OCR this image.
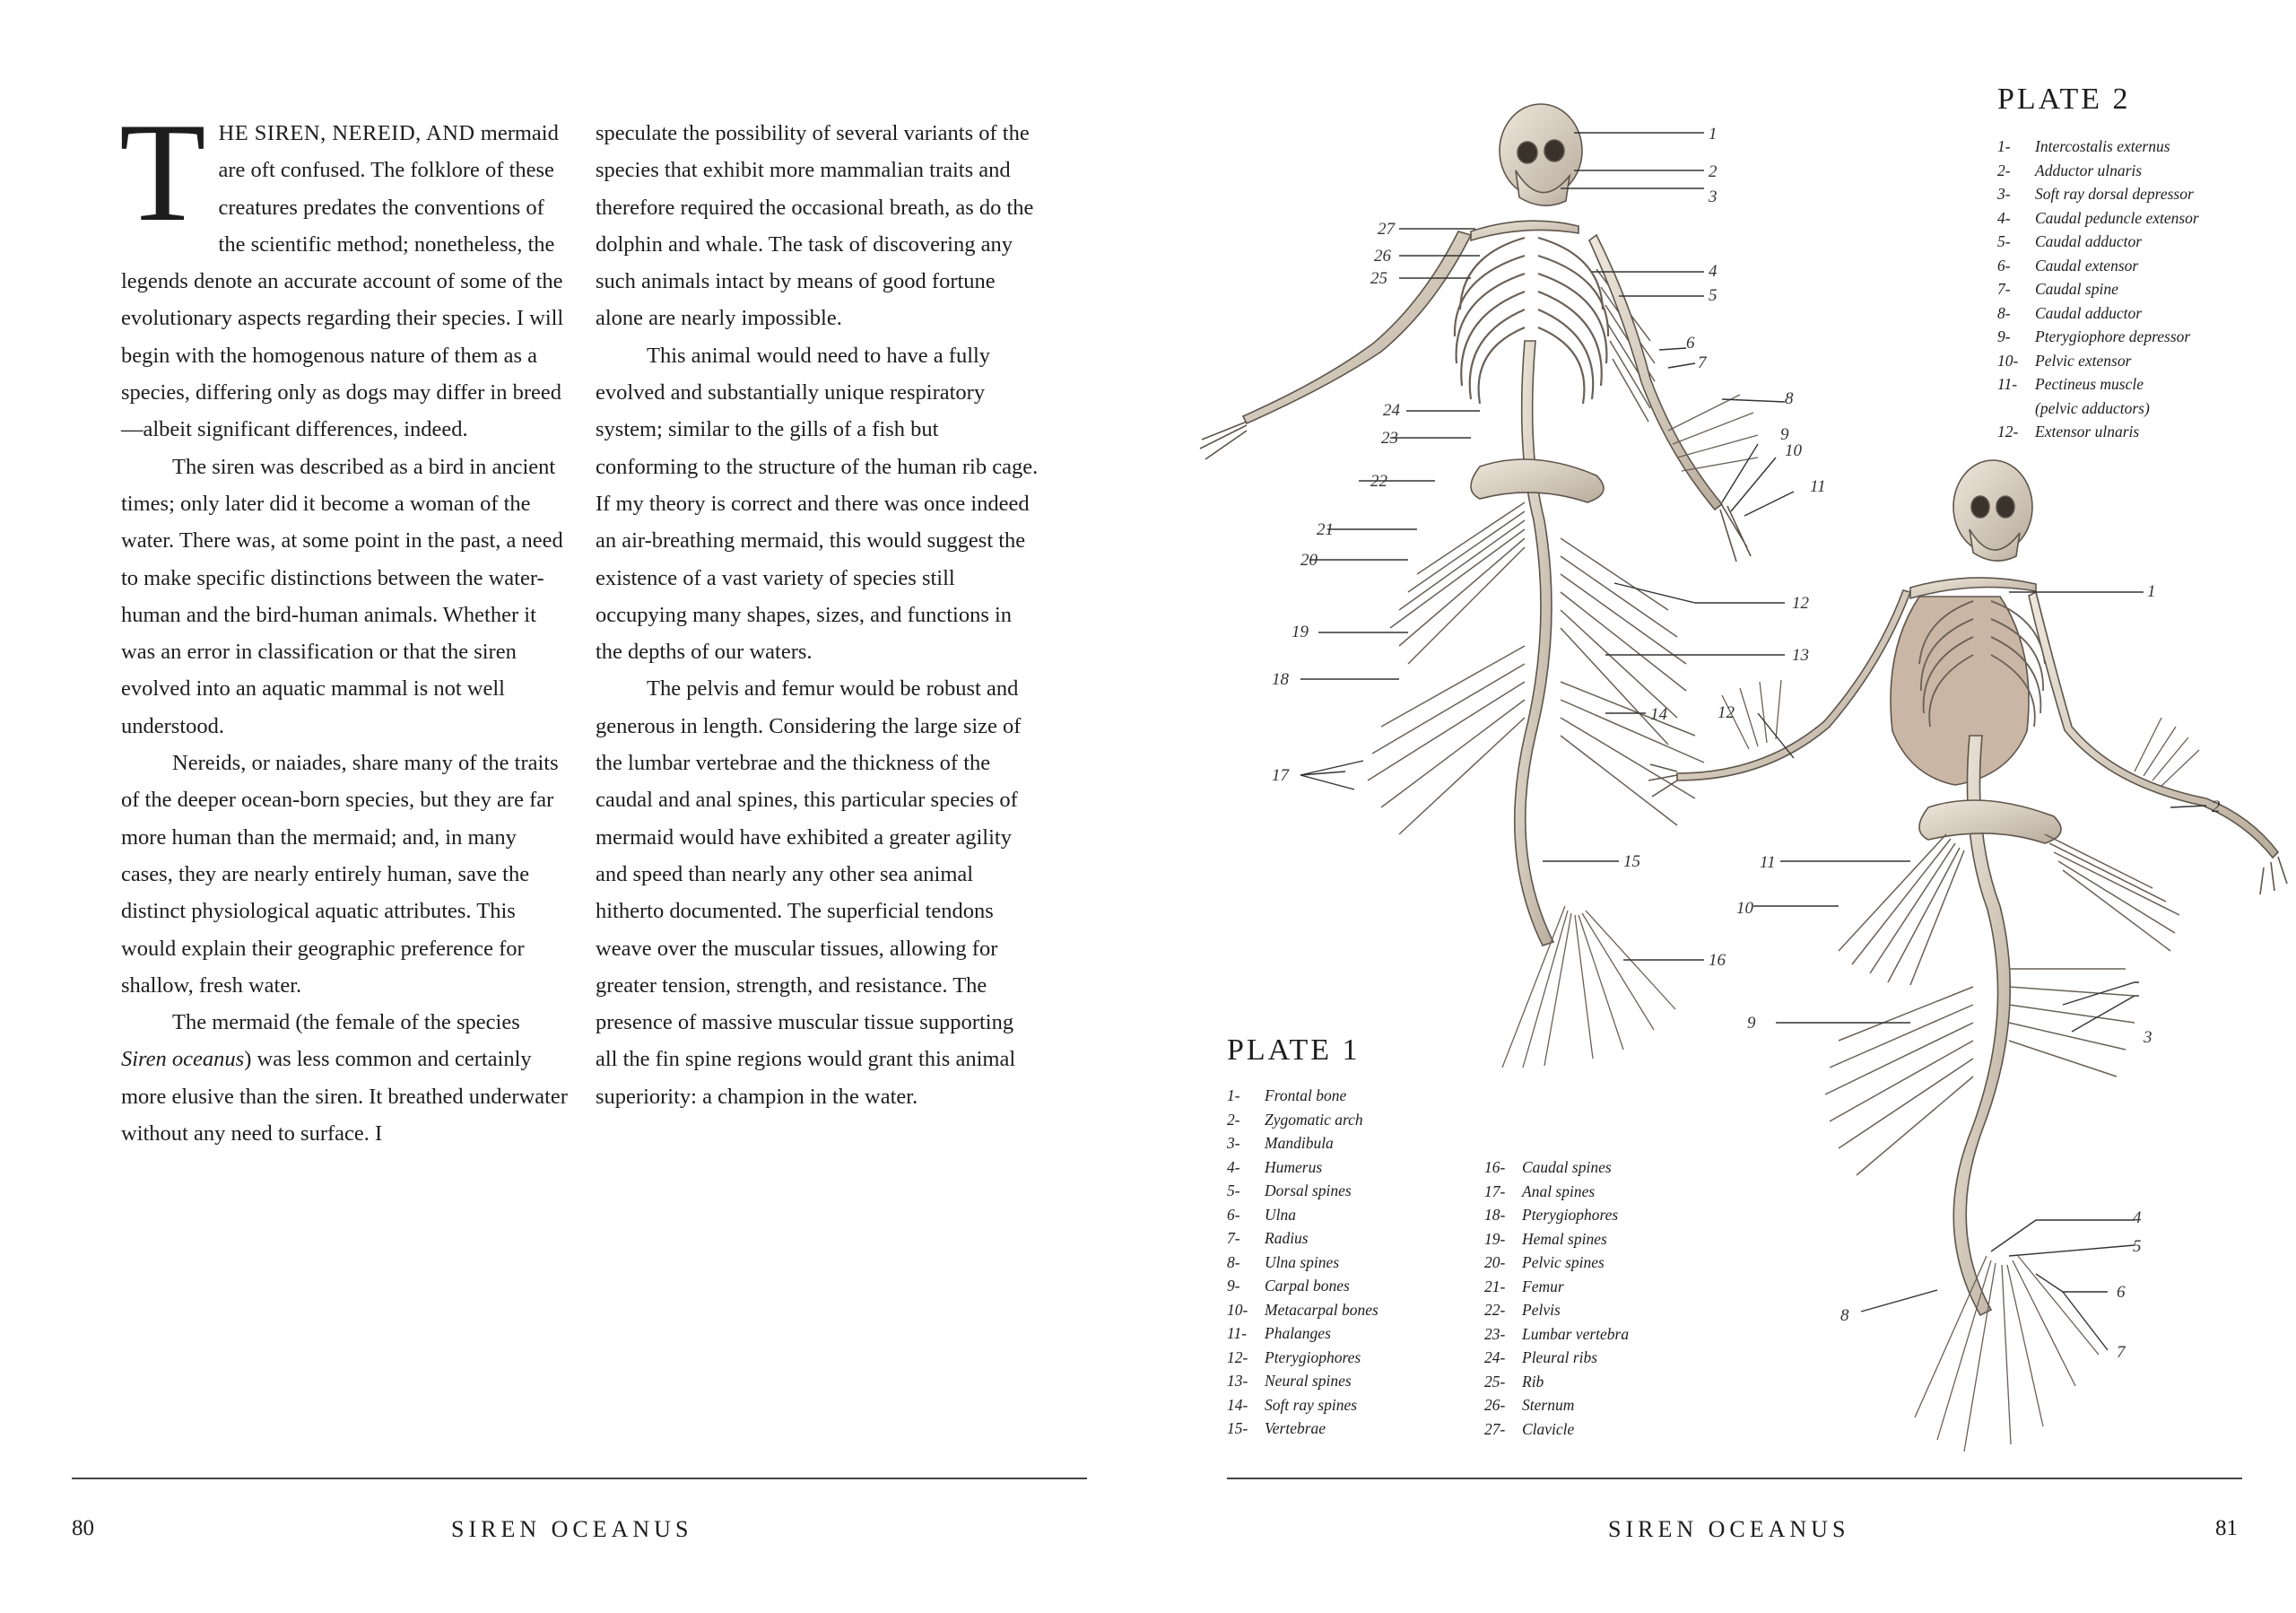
THE SIREN, NEREID, AND mermaid are oft confused. The folklore of these creatures predates the conventions of the scientific method; nonetheless, the legends denote an accurate account of some of the evolutionary aspects regarding their species. I will begin with the homogenous nature of them as a species, differing only as dogs may differ in breed—albeit significant differences, indeed.

The siren was described as a bird in ancient times; only later did it become a woman of the water. There was, at some point in the past, a need to make specific distinctions between the water-human and the bird-human animals. Whether it was an error in classification or that the siren evolved into an aquatic mammal is not well understood.

Nereids, or naiades, share many of the traits of the deeper ocean-born species, but they are far more human than the mermaid; and, in many cases, they are nearly entirely human, save the distinct physiological aquatic attributes. This would explain their geographic preference for shallow, fresh water.

The mermaid (the female of the species Siren oceanus) was less common and certainly more elusive than the siren. It breathed underwater without any need to surface. I

speculate the possibility of several variants of the species that exhibit more mammalian traits and therefore required the occasional breath, as do the dolphin and whale. The task of discovering any such animals intact by means of good fortune alone are nearly impossible.

This animal would need to have a fully evolved and substantially unique respiratory system; similar to the gills of a fish but conforming to the structure of the human rib cage. If my theory is correct and there was once indeed an air-breathing mermaid, this would suggest the existence of a vast variety of species still occupying many shapes, sizes, and functions in the depths of our waters.

The pelvis and femur would be robust and generous in length. Considering the large size of the lumbar vertebrae and the thickness of the caudal and anal spines, this particular species of mermaid would have exhibited a greater agility and speed than nearly any other sea animal hitherto documented. The superficial tendons weave over the muscular tissues, allowing for greater tension, strength, and resistance. The presence of massive muscular tissue supporting all the fin spine regions would grant this animal superiority: a champion in the water.

1
2
3
4
5
6
7
8
9
10
11
12
13
14
15
16
17
18
19
20
21
22
23
24
25
26
27
1
2
3
4
5
6
7
8
9
10
11
12
PLATE 2
1- Intercostalis externus
2- Adductor ulnaris
3- Soft ray dorsal depressor
4- Caudal peduncle extensor
5- Caudal adductor
6- Caudal extensor
7- Caudal spine
8- Caudal adductor
9- Pterygiophore depressor
10- Pelvic extensor
11- Pectineus muscle
(pelvic adductors)
12- Extensor ulnaris
PLATE 1
1- Frontal bone
2- Zygomatic arch
3- Mandibula
4- Humerus
5- Dorsal spines
6- Ulna
7- Radius
8- Ulna spines
9- Carpal bones
10- Metacarpal bones
11- Phalanges
12- Pterygiophores
13- Neural spines
14- Soft ray spines
15- Vertebrae
16- Caudal spines
17- Anal spines
18- Pterygiophores
19- Hemal spines
20- Pelvic spines
21- Femur
22- Pelvis
23- Lumbar vertebra
24- Pleural ribs
25- Rib
26- Sternum
27- Clavicle
80	SIREN OCEANUS	SIREN OCEANUS	81
